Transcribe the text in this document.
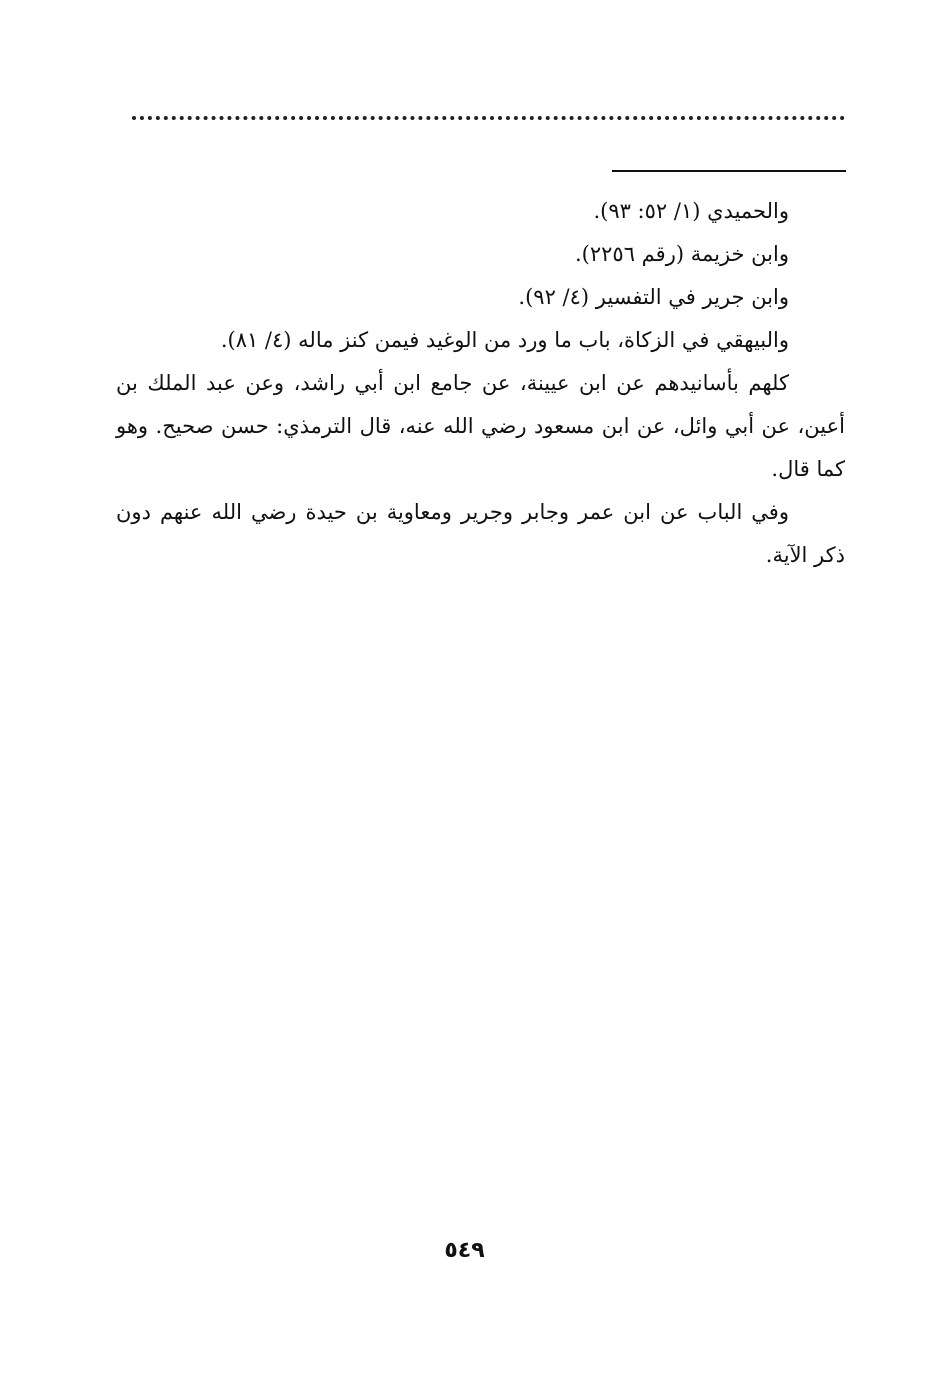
والحميدي (١/ ٥٢: ٩٣).
وابن خزيمة (رقم ٢٢٥٦).
وابن جرير في التفسير (٤/ ٩٢).
والبيهقي في الزكاة، باب ما ورد من الوغيد فيمن كنز ماله (٤/ ٨١).
كلهم بأسانيدهم عن ابن عيينة، عن جامع ابن أبي راشد، وعن عبد الملك بن أعين، عن أبي وائل، عن ابن مسعود رضي الله عنه، قال الترمذي: حسن صحيح. وهو كما قال.
وفي الباب عن ابن عمر وجابر وجرير ومعاوية بن حيدة رضي الله عنهم دون ذكر الآية.
٥٤٩
